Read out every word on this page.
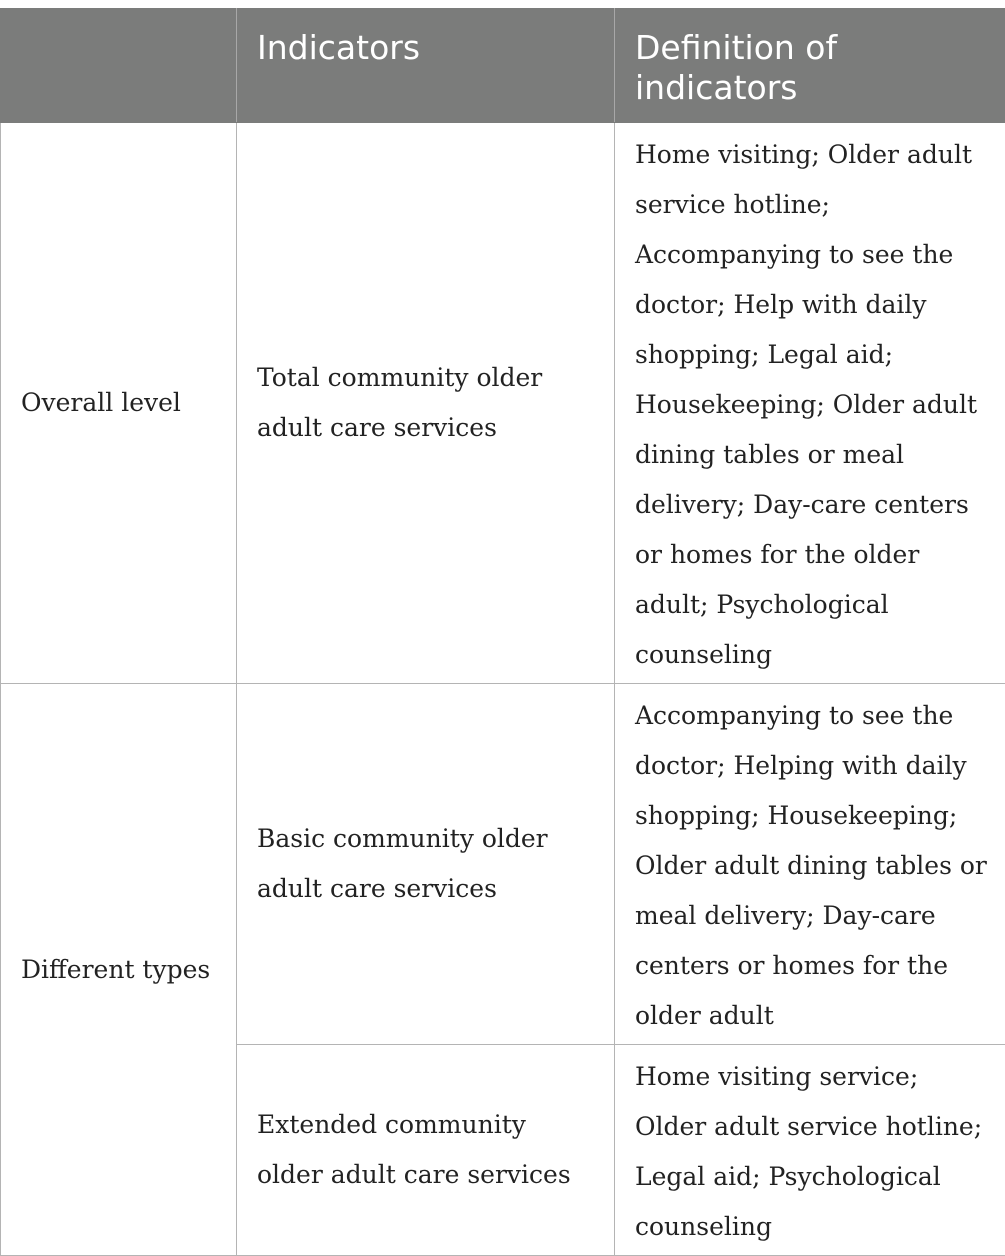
	Indicators	Definition of indicators
Overall level	Total community older adult care services	Home visiting; Older adult service hotline; Accompanying to see the doctor; Help with daily shopping; Legal aid; Housekeeping; Older adult dining tables or meal delivery; Day-care centers or homes for the older adult; Psychological counseling
Different types	Basic community older adult care services	Accompanying to see the doctor; Helping with daily shopping; Housekeeping; Older adult dining tables or meal delivery; Day-care centers or homes for the older adult
	Extended community older adult care services	Home visiting service; Older adult service hotline; Legal aid; Psychological counseling
